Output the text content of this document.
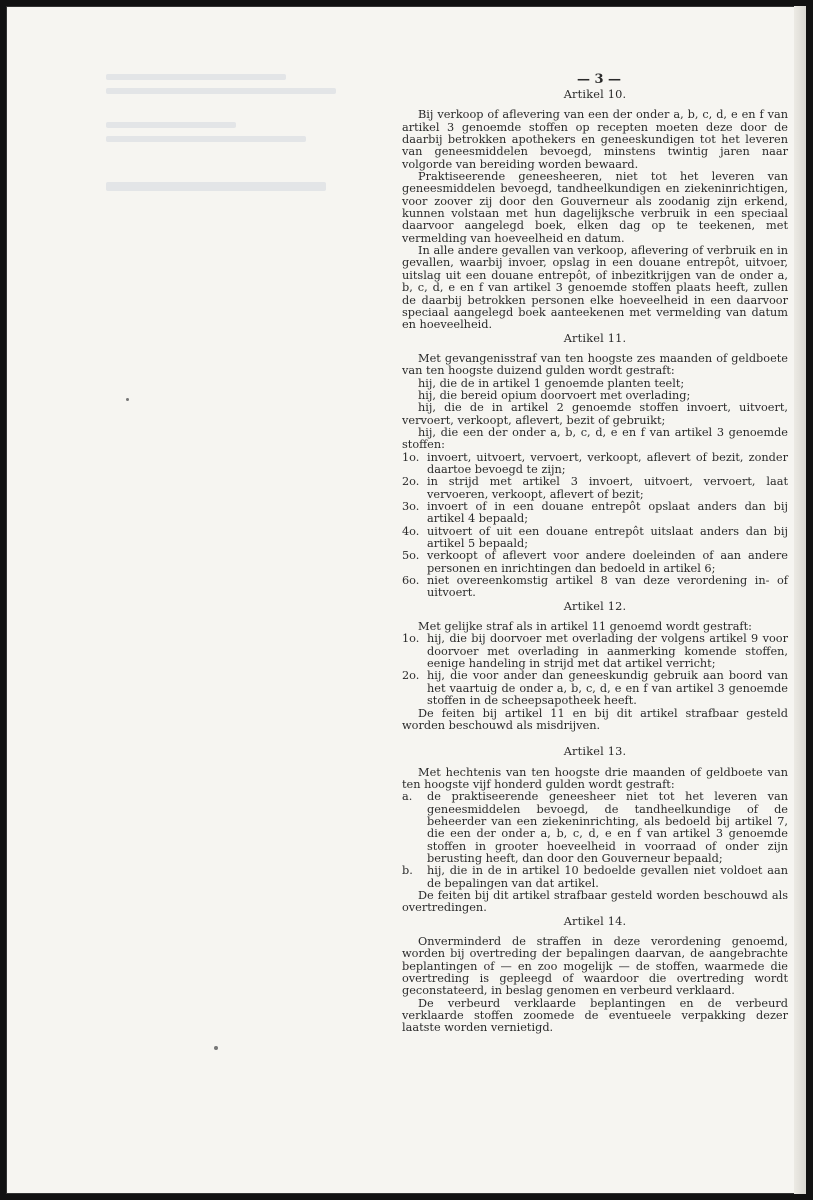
— 3 —
Artikel 10.

Bij verkoop of aflevering van een der onder a, b, c, d, e en f van artikel 3 genoemde stoffen op recepten moeten deze door de daarbij betrokken apothekers en geneeskundigen tot het leveren van geneesmiddelen bevoegd, minstens twintig jaren naar volgorde van bereiding worden bewaard.

Praktiseerende geneesheeren, niet tot het leveren van geneesmiddelen bevoegd, tandheelkundigen en ziekeninrichtigen, voor zoover zij door den Gouverneur als zoodanig zijn erkend, kunnen volstaan met hun dagelijksche verbruik in een speciaal daarvoor aangelegd boek, elken dag op te teekenen, met vermelding van hoeveelheid en datum.

In alle andere gevallen van verkoop, aflevering of verbruik en in gevallen, waarbij invoer, opslag in een douane entrepôt, uitvoer, uitslag uit een douane entrepôt, of inbezitkrijgen van de onder a, b, c, d, e en f van artikel 3 genoemde stoffen plaats heeft, zullen de daarbij betrokken personen elke hoeveelheid in een daarvoor speciaal aangelegd boek aanteekenen met vermelding van datum en hoeveelheid.

Artikel 11.

Met gevangenisstraf van ten hoogste zes maanden of geldboete van ten hoogste duizend gulden wordt gestraft:

hij, die de in artikel 1 genoemde planten teelt;

hij, die bereid opium doorvoert met overlading;

hij, die de in artikel 2 genoemde stoffen invoert, uitvoert, vervoert, verkoopt, aflevert, bezit of gebruikt;

hij, die een der onder a, b, c, d, e en f van artikel 3 genoemde stoffen:

1o. invoert, uitvoert, vervoert, verkoopt, aflevert of bezit, zonder daartoe bevoegd te zijn;
2o. in strijd met artikel 3 invoert, uitvoert, vervoert, laat vervoeren, verkoopt, aflevert of bezit;
3o. invoert of in een douane entrepôt opslaat anders dan bij artikel 4 bepaald;
4o. uitvoert of uit een douane entrepôt uitslaat anders dan bij artikel 5 bepaald;
5o. verkoopt of aflevert voor andere doeleinden of aan andere personen en inrichtingen dan bedoeld in artikel 6;
6o. niet overeenkomstig artikel 8 van deze verordening in- of uitvoert.
Artikel 12.

Met gelijke straf als in artikel 11 genoemd wordt gestraft:

1o. hij, die bij doorvoer met overlading der volgens artikel 9 voor doorvoer met overlading in aanmerking komende stoffen, eenige handeling in strijd met dat artikel verricht;
2o. hij, die voor ander dan geneeskundig gebruik aan boord van het vaartuig de onder a, b, c, d, e en f van artikel 3 genoemde stoffen in de scheepsapotheek heeft.

De feiten bij artikel 11 en bij dit artikel strafbaar gesteld worden beschouwd als misdrijven.

Artikel 13.

Met hechtenis van ten hoogste drie maanden of geldboete van ten hoogste vijf honderd gulden wordt gestraft:

a.	de praktiseerende geneesheer niet tot het leveren van geneesmiddelen bevoegd, de tandheelkundige of de beheerder van een ziekeninrichting, als bedoeld bij artikel 7, die een der onder a, b, c, d, e en f van artikel 3 genoemde stoffen in grooter hoeveelheid in voorraad of onder zijn berusting heeft, dan door den Gouverneur bepaald;
b.	hij, die in de in artikel 10 bedoelde gevallen niet voldoet aan de bepalingen van dat artikel.

De feiten bij dit artikel strafbaar gesteld worden beschouwd als overtredingen.

Artikel 14.

Onverminderd de straffen in deze verordening genoemd, worden bij overtreding der bepalingen daarvan, de aangebrachte beplantingen of — en zoo mogelijk — de stoffen, waarmede die overtreding is gepleegd of waardoor die overtreding wordt geconstateerd, in beslag genomen en verbeurd verklaard.

De verbeurd verklaarde beplantingen en de verbeurd verklaarde stoffen zoomede de eventueele verpakking dezer laatste worden vernietigd.
